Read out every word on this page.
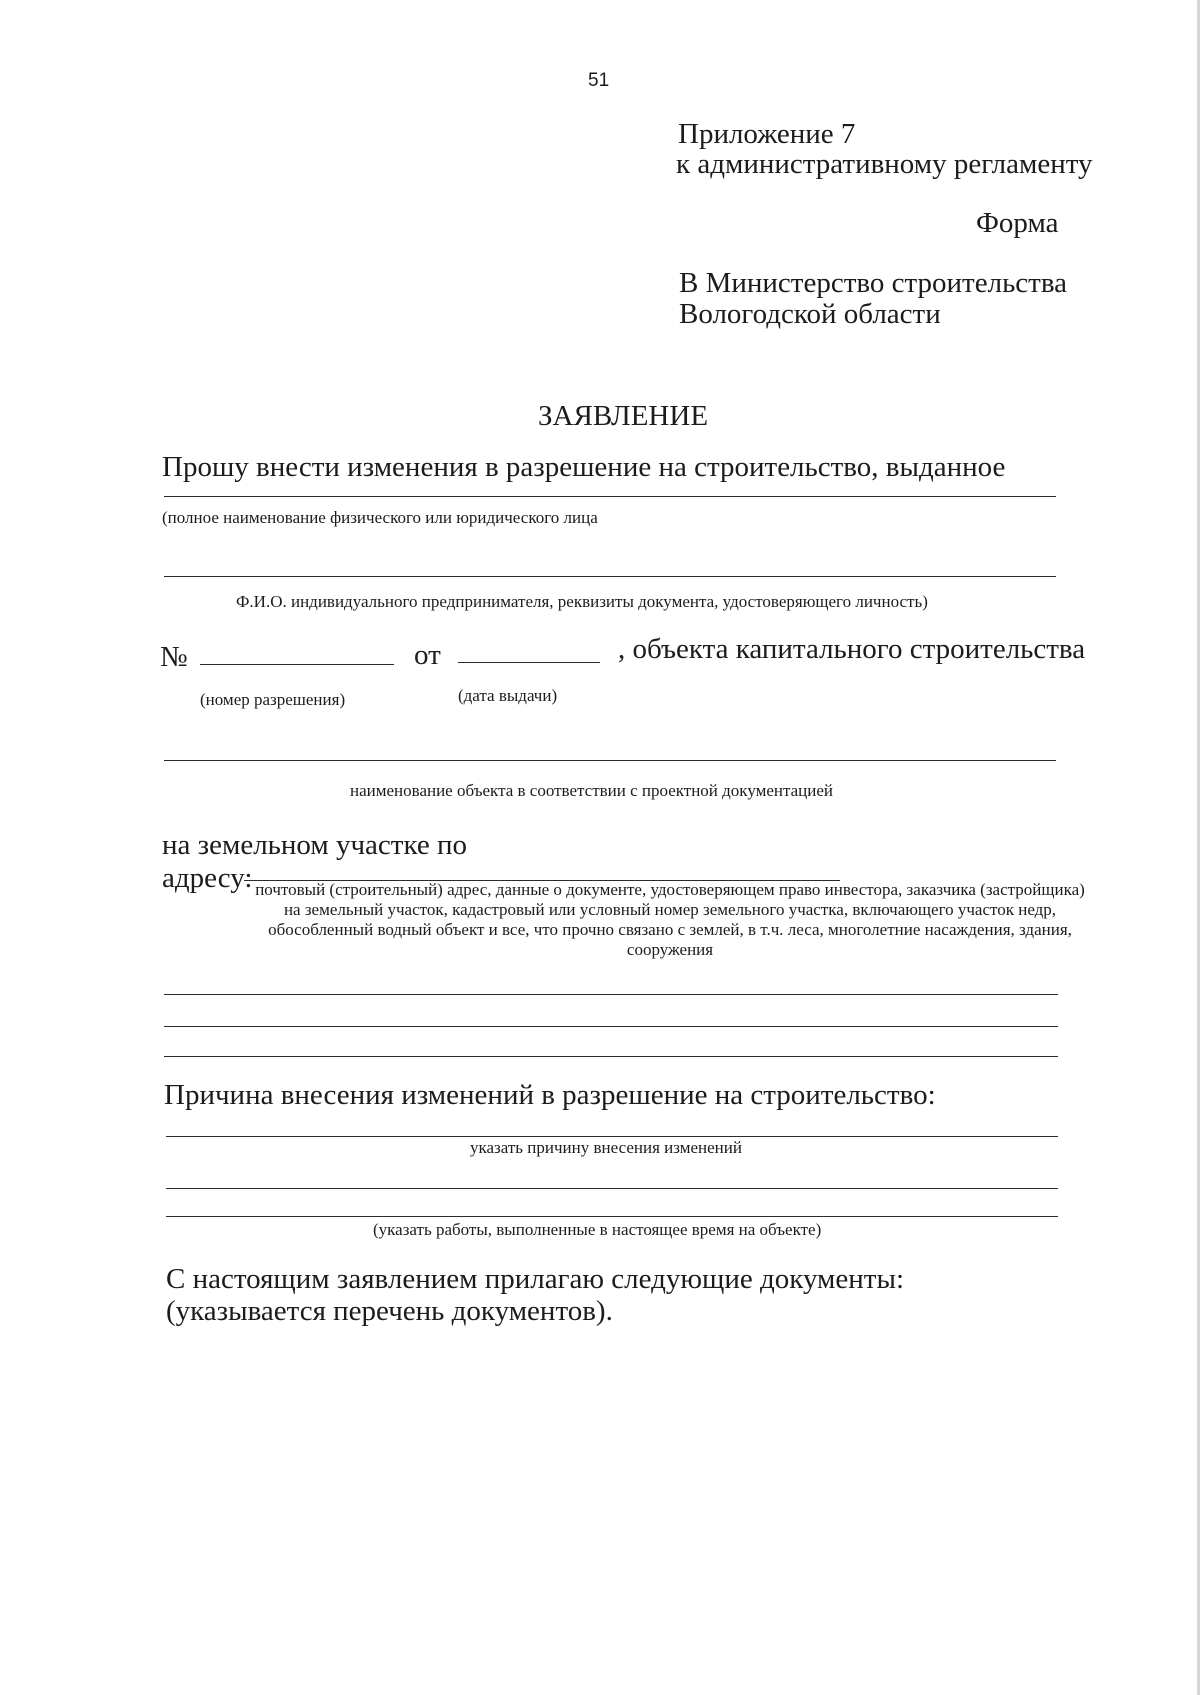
51
Приложение 7
к административному регламенту
Форма
В Министерство строительства
Вологодской области
ЗАЯВЛЕНИЕ
Прошу внести изменения в разрешение на строительство, выданное
(полное наименование физического или юридического лица
Ф.И.О. индивидуального предпринимателя, реквизиты документа, удостоверяющего личность)
№	от	, объекта капитального строительства
(номер разрешения)	(дата выдачи)
наименование объекта в соответствии с проектной документацией
на земельном участке по
адресу: почтовый (строительный) адрес, данные о документе, удостоверяющем право инвестора, заказчика (застройщика)
на земельный участок, кадастровый или условный номер земельного участка, включающего участок недр,
обособленный водный объект и все, что прочно связано с землей, в т.ч. леса, многолетние насаждения, здания,
сооружения
Причина внесения изменений в разрешение на строительство:
указать причину внесения изменений
(указать работы, выполненные в настоящее время на объекте)
С настоящим заявлением прилагаю следующие документы:
(указывается перечень документов).
